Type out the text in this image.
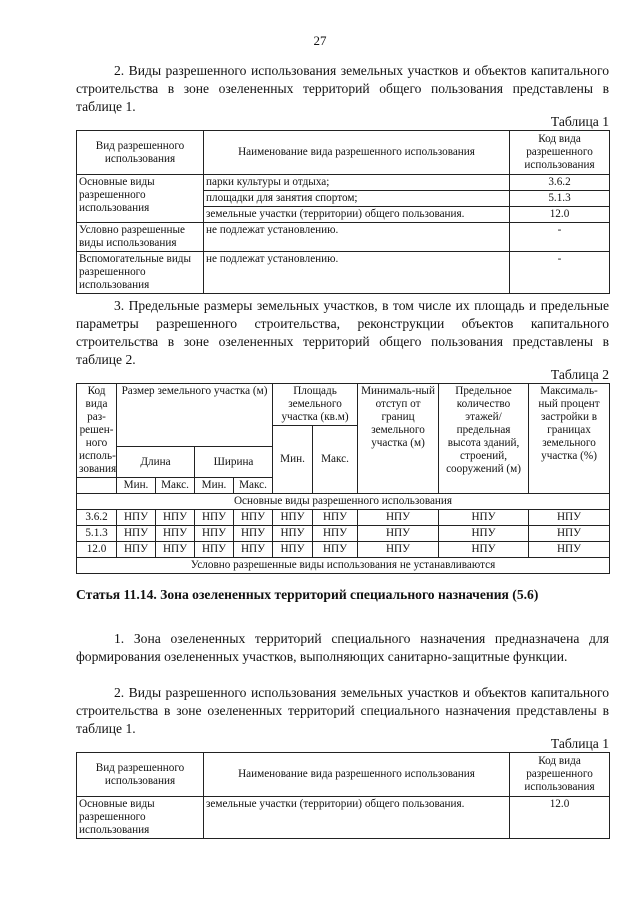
27

2. Виды разрешенного использования земельных участков и объектов капитального строительства в зоне озелененных территорий общего пользования представлены в таблице 1.

Таблица 1

Вид разрешенного использования	Наименование вида разрешенного использования	Код вида разрешенного использования
Основные виды разрешенного использования	парки культуры и отдыха;	3.6.2
	площадки для занятия спортом;	5.1.3
	земельные участки (территории) общего пользования.	12.0
Условно разрешенные виды использования	не подлежат установлению.	-
Вспомогательные виды разрешенного использования	не подлежат установлению.	-

3. Предельные размеры земельных участков, в том числе их площадь и предельные параметры разрешенного строительства, реконструкции объектов капитального строительства в зоне озелененных территорий общего пользования представлены в таблице 2.

Таблица 2

Код вида раз-решен-ного исполь-зования	Размер земельного участка (м)				Площадь земельного участка (кв.м)		Минималь-ный отступ от границ земельного участка (м)	Предельное количество этажей/ предельная высота зданий, строений, сооружений (м)	Максималь-ный процент застройки в границах земельного участка (%)
					Мин.	Макс.			
	Длина		Ширина						
	Мин.	Макс.	Мин.	Макс.					
Основные виды разрешенного использования									
3.6.2	НПУ	НПУ	НПУ	НПУ	НПУ	НПУ	НПУ	НПУ	НПУ
5.1.3	НПУ	НПУ	НПУ	НПУ	НПУ	НПУ	НПУ	НПУ	НПУ
12.0	НПУ	НПУ	НПУ	НПУ	НПУ	НПУ	НПУ	НПУ	НПУ
Условно разрешенные виды использования не устанавливаются									
Статья 11.14. Зона озелененных территорий специального назначения (5.6)

1. Зона озелененных территорий специального назначения предназначена для формирования озелененных участков, выполняющих санитарно-защитные функции.

2. Виды разрешенного использования земельных участков и объектов капитального строительства в зоне озелененных территорий специального назначения представлены в таблице 1.

Таблица 1

Вид разрешенного использования	Наименование вида разрешенного использования	Код вида разрешенного использования
Основные виды разрешенного использования	земельные участки (территории) общего пользования.	12.0
